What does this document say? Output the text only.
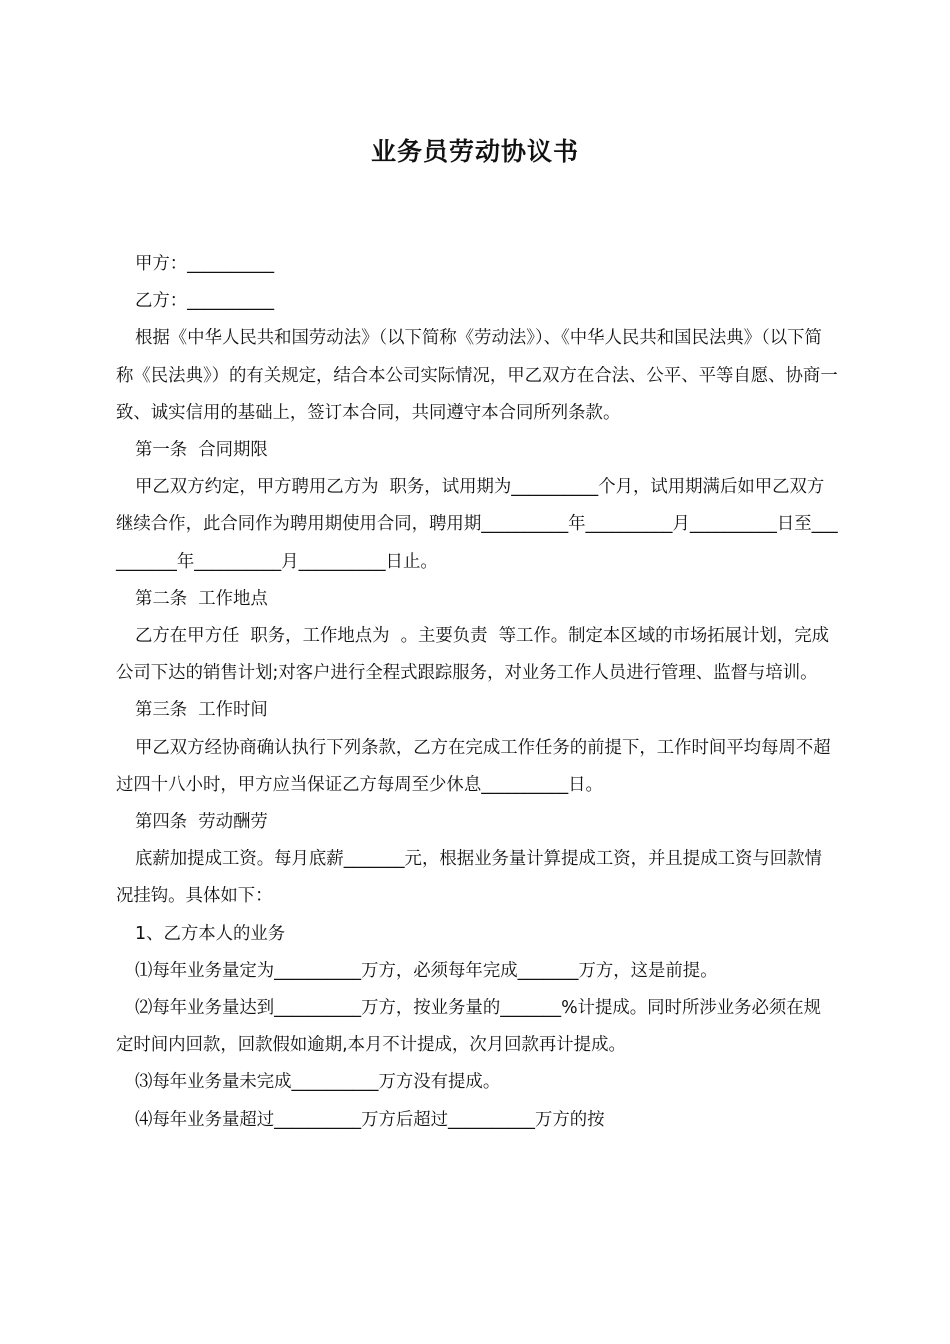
业务员劳动协议书

甲方：__________

乙方：__________

根据《中华人民共和国劳动法》（以下简称《劳动法》）、《中华人民共和国民法典》（以下简称《民法典》）的有关规定，结合本公司实际情况，甲乙双方在合法、公平、平等自愿、协商一致、诚实信用的基础上，签订本合同，共同遵守本合同所列条款。

第一条  合同期限

甲乙双方约定，甲方聘用乙方为  职务，试用期为__________个月，试用期满后如甲乙双方继续合作，此合同作为聘用期使用合同，聘用期__________年__________月__________日至__________年__________月__________日止。

第二条  工作地点

乙方在甲方任  职务，工作地点为  。主要负责  等工作。制定本区域的市场拓展计划，完成公司下达的销售计划;对客户进行全程式跟踪服务，对业务工作人员进行管理、监督与培训。

第三条  工作时间

甲乙双方经协商确认执行下列条款，乙方在完成工作任务的前提下，工作时间平均每周不超过四十八小时，甲方应当保证乙方每周至少休息__________日。

第四条  劳动酬劳

底薪加提成工资。每月底薪_______元，根据业务量计算提成工资，并且提成工资与回款情况挂钩。具体如下：

1、乙方本人的业务

⑴每年业务量定为__________万方，必须每年完成_______万方，这是前提。

⑵每年业务量达到__________万方，按业务量的_______%计提成。同时所涉业务必须在规定时间内回款，回款假如逾期,本月不计提成，次月回款再计提成。

⑶每年业务量未完成__________万方没有提成。

⑷每年业务量超过__________万方后超过__________万方的按
